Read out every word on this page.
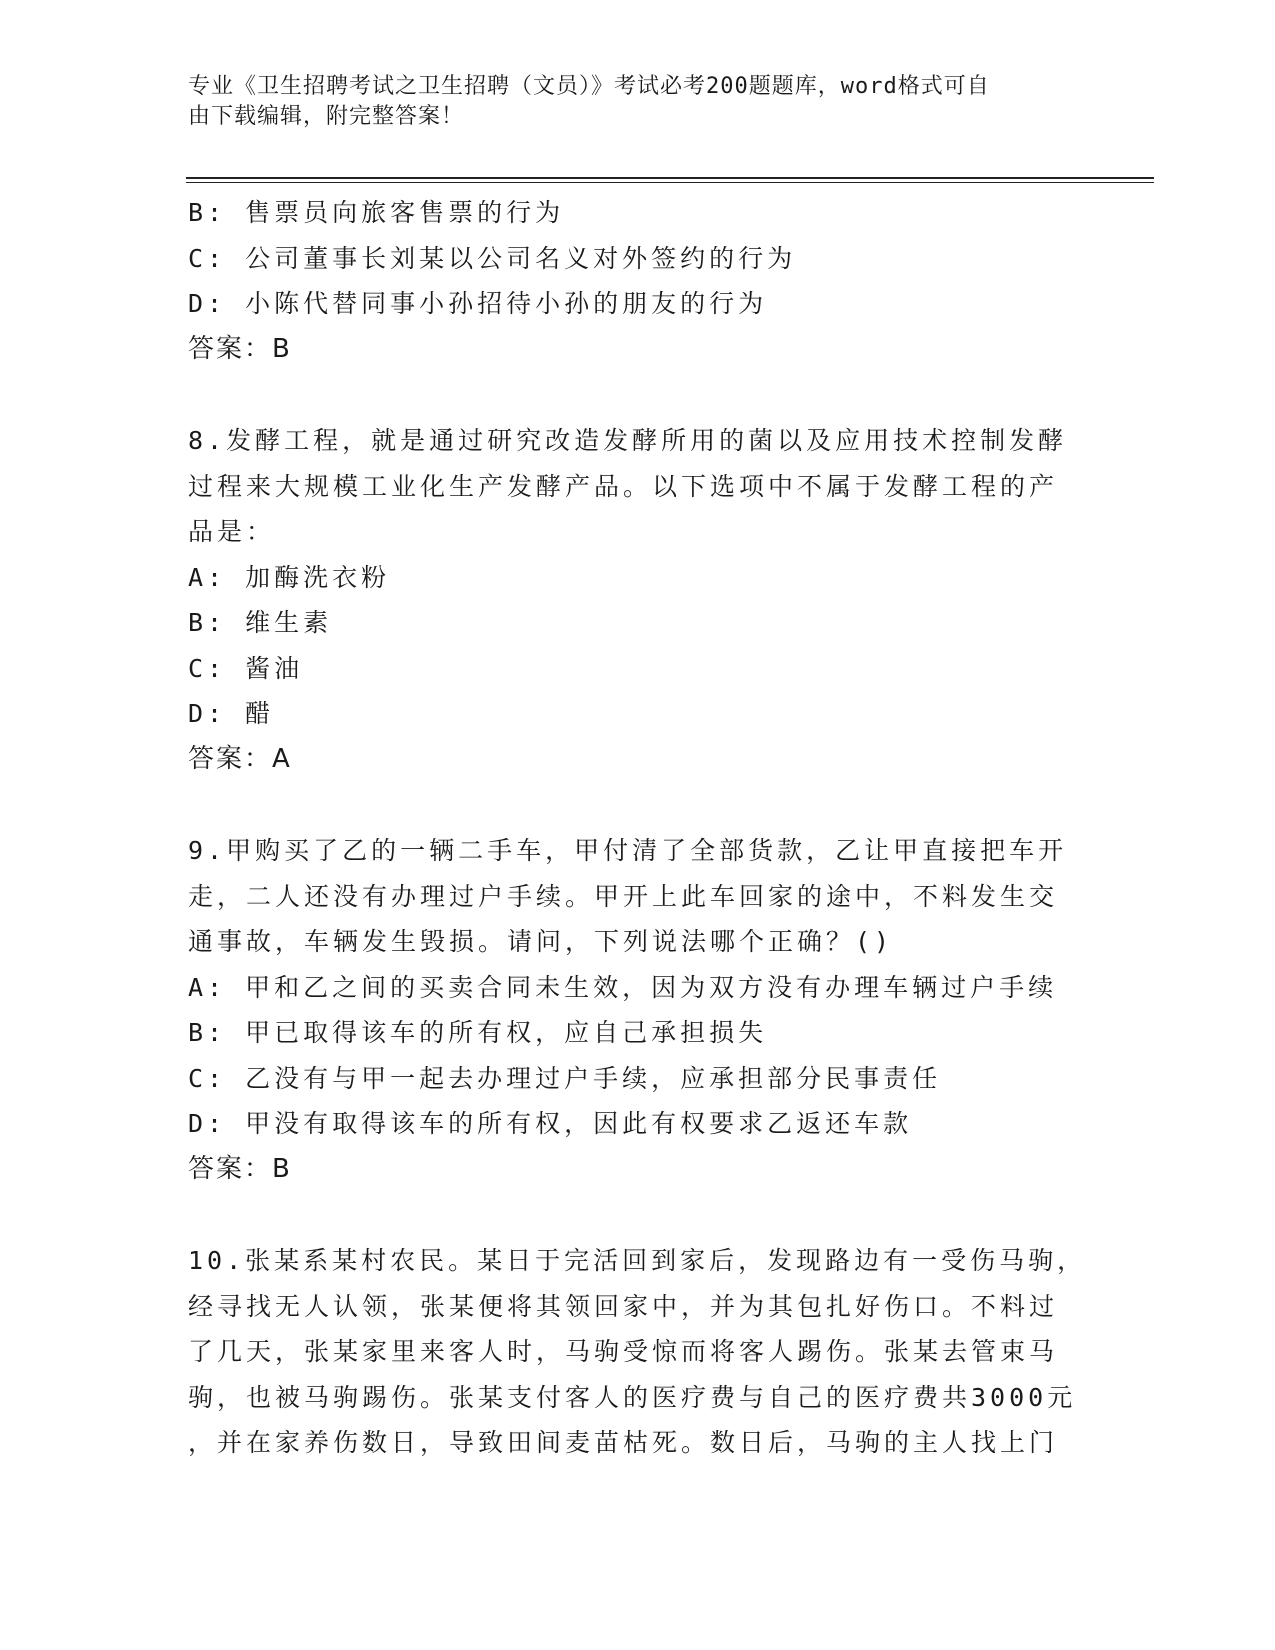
专业《卫生招聘考试之卫生招聘（文员）》考试必考200题题库，word格式可自
由下载编辑，附完整答案！
B: 售票员向旅客售票的行为
C: 公司董事长刘某以公司名义对外签约的行为
D: 小陈代替同事小孙招待小孙的朋友的行为
答案：B
8.发酵工程，就是通过研究改造发酵所用的菌以及应用技术控制发酵
过程来大规模工业化生产发酵产品。以下选项中不属于发酵工程的产
品是：
A: 加酶洗衣粉
B: 维生素
C: 酱油
D: 醋
答案：A
9.甲购买了乙的一辆二手车，甲付清了全部货款，乙让甲直接把车开
走，二人还没有办理过户手续。甲开上此车回家的途中，不料发生交
通事故，车辆发生毁损。请问，下列说法哪个正确？()
A: 甲和乙之间的买卖合同未生效，因为双方没有办理车辆过户手续
B: 甲已取得该车的所有权，应自己承担损失
C: 乙没有与甲一起去办理过户手续，应承担部分民事责任
D: 甲没有取得该车的所有权，因此有权要求乙返还车款
答案：B
10.张某系某村农民。某日于完活回到家后，发现路边有一受伤马驹，
经寻找无人认领，张某便将其领回家中，并为其包扎好伤口。不料过
了几天，张某家里来客人时，马驹受惊而将客人踢伤。张某去管束马
驹，也被马驹踢伤。张某支付客人的医疗费与自己的医疗费共3000元
，并在家养伤数日，导致田间麦苗枯死。数日后，马驹的主人找上门
